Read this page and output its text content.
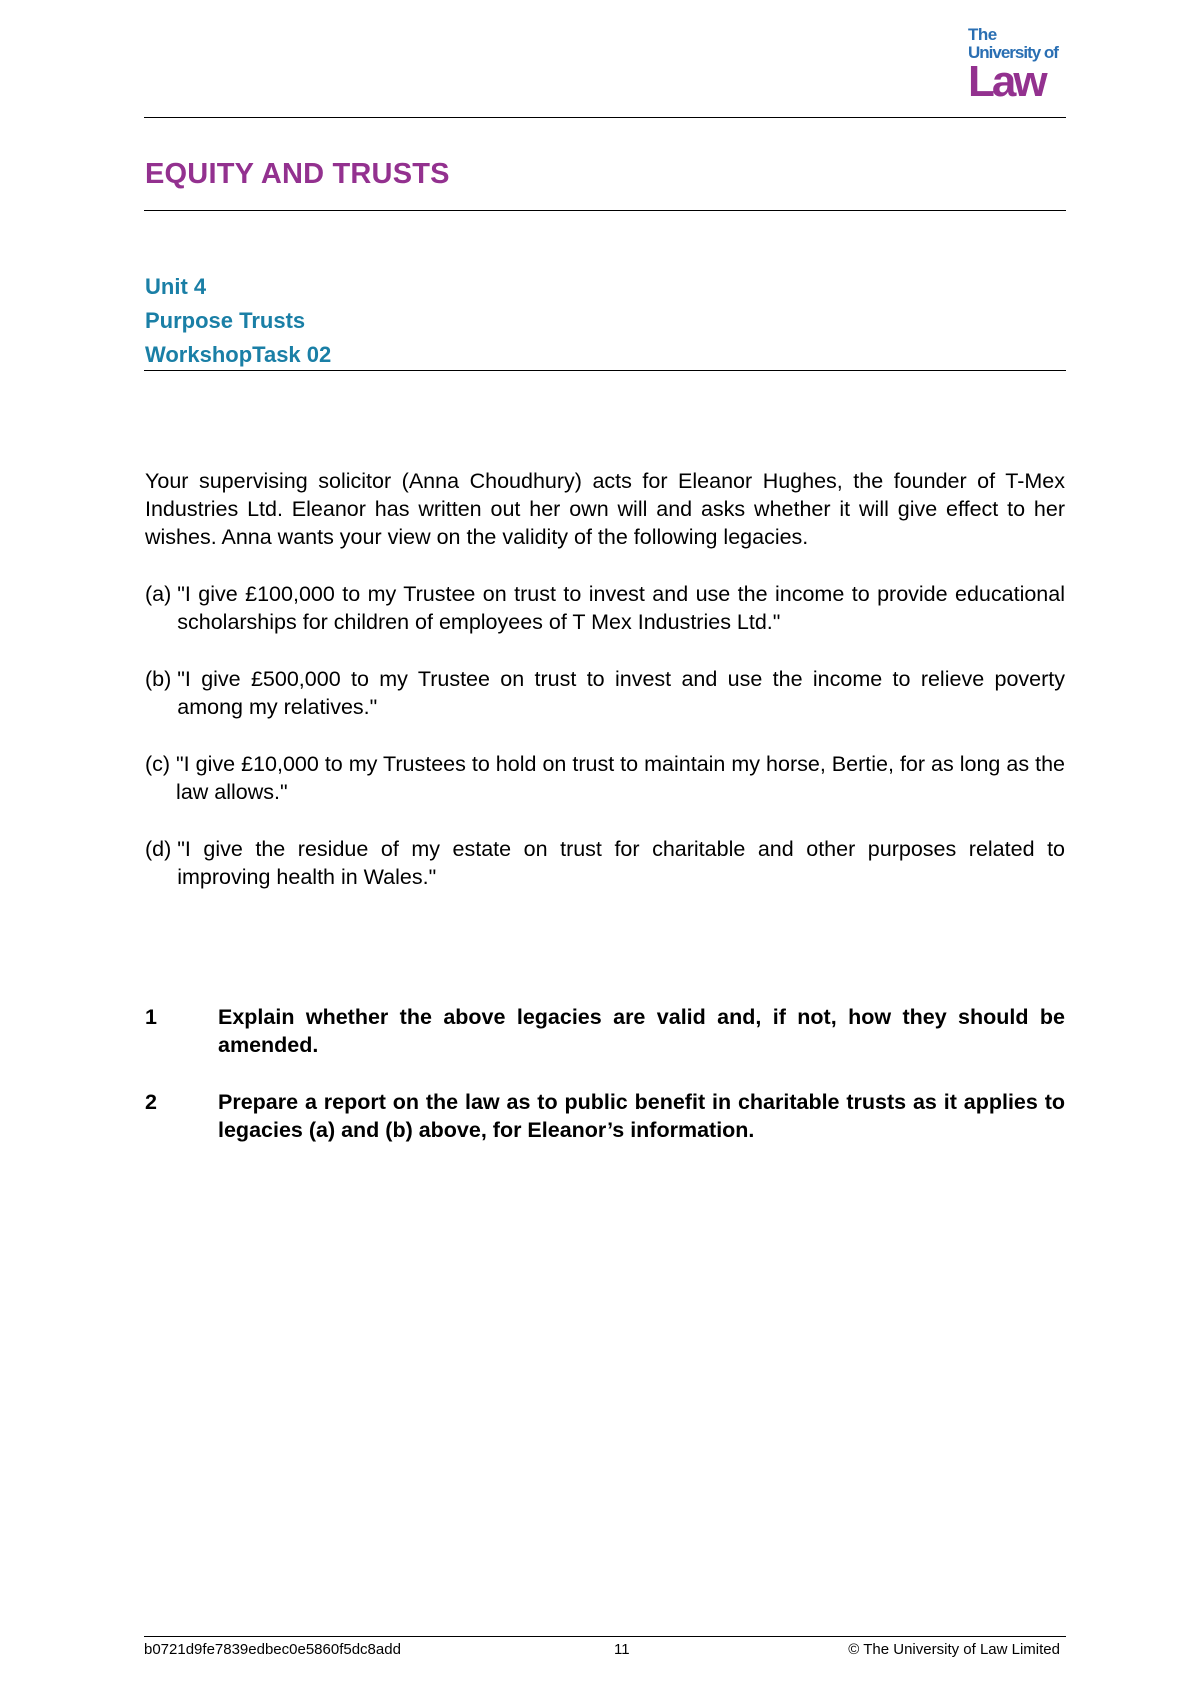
The
University of
Law
EQUITY AND TRUSTS
Unit 4
Purpose Trusts
WorkshopTask 02

Your supervising solicitor (Anna Choudhury) acts for Eleanor Hughes, the founder of T-Mex Industries Ltd. Eleanor has written out her own will and asks whether it will give effect to her wishes. Anna wants your view on the validity of the following legacies.

(a) "I give £100,000 to my Trustee on trust to invest and use the income to provide educational scholarships for children of employees of T Mex Industries Ltd."
(b) "I give £500,000 to my Trustee on trust to invest and use the income to relieve poverty among my relatives."
(c) "I give £10,000 to my Trustees to hold on trust to maintain my horse, Bertie, for as long as the law allows."
(d) "I give the residue of my estate on trust for charitable and other purposes related to improving health in Wales."
1	Explain whether the above legacies are valid and, if not, how they should be amended.
2	Prepare a report on the law as to public benefit in charitable trusts as it applies to legacies (a) and (b) above, for Eleanor’s information.
b0721d9fe7839edbec0e5860f5dc8add	11	© The University of Law Limited
